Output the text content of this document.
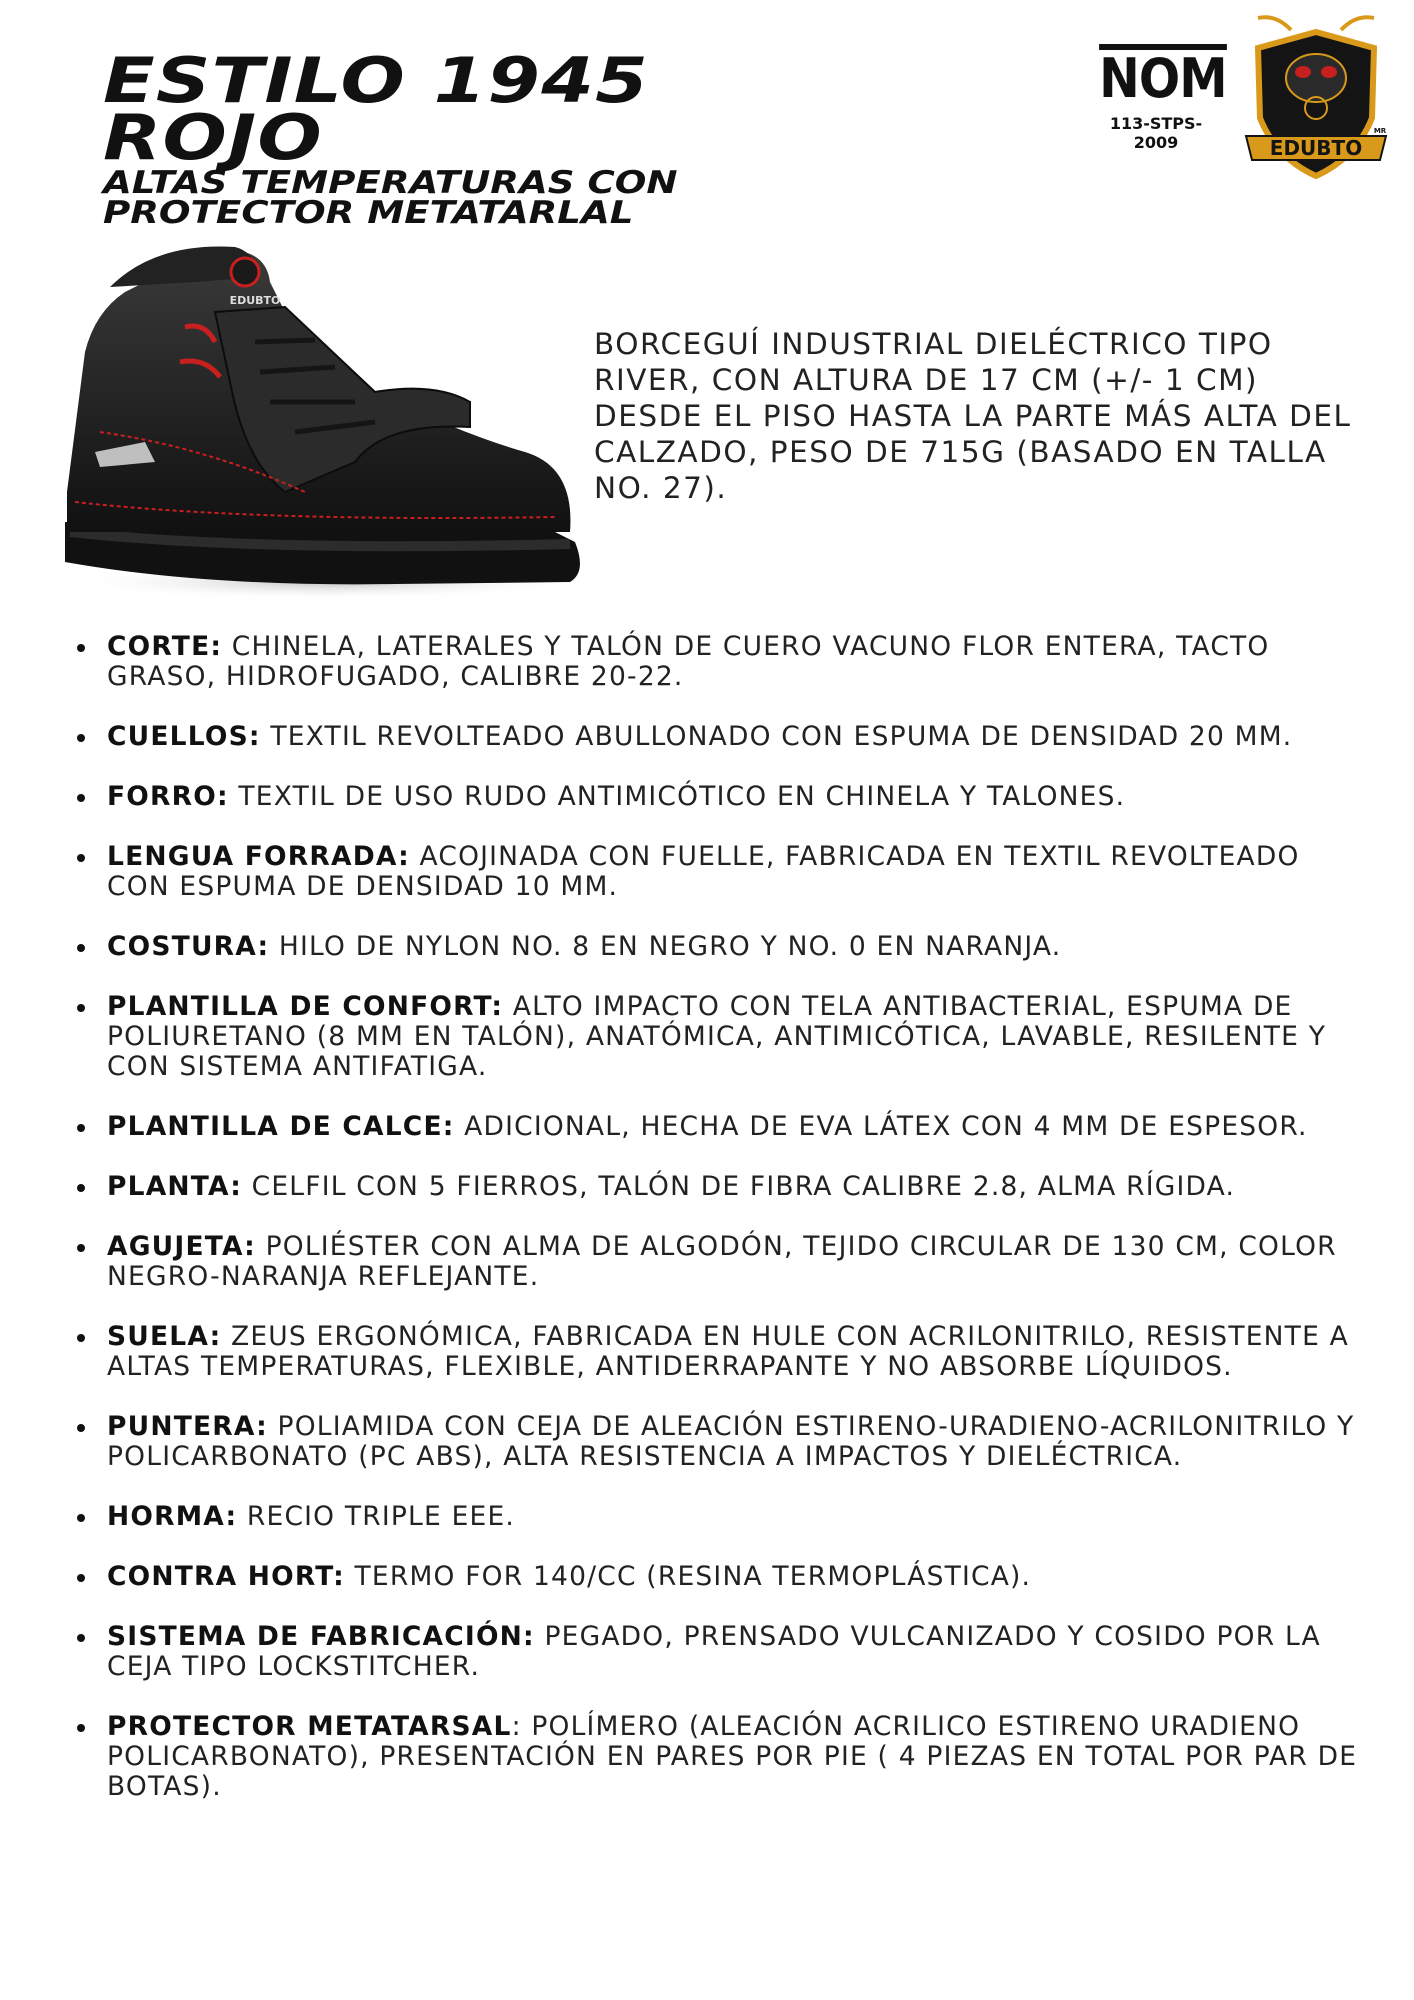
ESTILO 1945
ROJO
ALTAS TEMPERATURAS CON
PROTECTOR METATARLAL
NOM
113-STPS-2009	EDUBTO
MR
EDUBTO

BORCEGUÍ INDUSTRIAL DIELÉCTRICO TIPO RIVER, CON ALTURA DE 17 CM (+/- 1 CM) DESDE EL PISO HASTA LA PARTE MÁS ALTA DEL CALZADO, PESO DE 715G (BASADO EN TALLA NO. 27).

CORTE: CHINELA, LATERALES Y TALÓN DE CUERO VACUNO FLOR ENTERA, TACTO GRASO, HIDROFUGADO, CALIBRE 20-22.
CUELLOS: TEXTIL REVOLTEADO ABULLONADO CON ESPUMA DE DENSIDAD 20 MM.
FORRO: TEXTIL DE USO RUDO ANTIMICÓTICO EN CHINELA Y TALONES.
LENGUA FORRADA: ACOJINADA CON FUELLE, FABRICADA EN TEXTIL REVOLTEADO CON ESPUMA DE DENSIDAD 10 MM.
COSTURA: HILO DE NYLON NO. 8 EN NEGRO Y NO. 0 EN NARANJA.
PLANTILLA DE CONFORT: ALTO IMPACTO CON TELA ANTIBACTERIAL, ESPUMA DE POLIURETANO (8 MM EN TALÓN), ANATÓMICA, ANTIMICÓTICA, LAVABLE, RESILENTE Y CON SISTEMA ANTIFATIGA.
PLANTILLA DE CALCE: ADICIONAL, HECHA DE EVA LÁTEX CON 4 MM DE ESPESOR.
PLANTA: CELFIL CON 5 FIERROS, TALÓN DE FIBRA CALIBRE 2.8, ALMA RÍGIDA.
AGUJETA: POLIÉSTER CON ALMA DE ALGODÓN, TEJIDO CIRCULAR DE 130 CM, COLOR NEGRO-NARANJA REFLEJANTE.
SUELA: ZEUS ERGONÓMICA, FABRICADA EN HULE CON ACRILONITRILO, RESISTENTE A ALTAS TEMPERATURAS, FLEXIBLE, ANTIDERRAPANTE Y NO ABSORBE LÍQUIDOS.
PUNTERA: POLIAMIDA CON CEJA DE ALEACIÓN ESTIRENO-URADIENO-ACRILONITRILO Y POLICARBONATO (PC ABS), ALTA RESISTENCIA A IMPACTOS Y DIELÉCTRICA.
HORMA: RECIO TRIPLE EEE.
CONTRA HORT: TERMO FOR 140/CC (RESINA TERMOPLÁSTICA).
SISTEMA DE FABRICACIÓN: PEGADO, PRENSADO VULCANIZADO Y COSIDO POR LA CEJA TIPO LOCKSTITCHER.
PROTECTOR METATARSAL: POLÍMERO (ALEACIÓN ACRILICO ESTIRENO URADIENO POLICARBONATO), PRESENTACIÓN EN PARES POR PIE ( 4 PIEZAS EN TOTAL POR PAR DE BOTAS).
